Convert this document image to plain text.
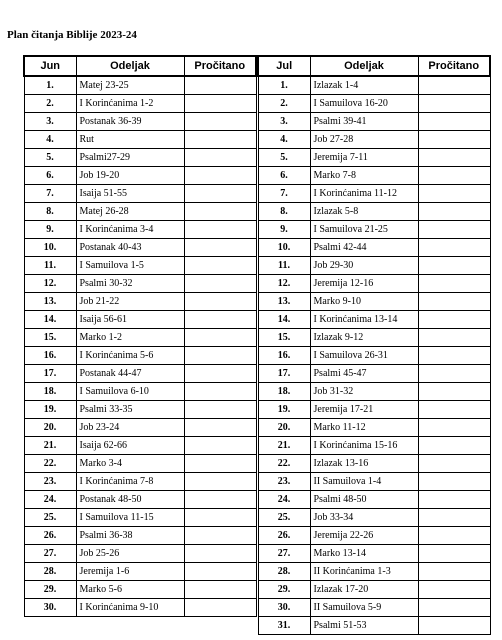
Plan čitanja Biblije 2023-24
Jun	Odeljak	Pročitano
1.	Matej 23-25	
2.	I Korinćanima 1-2	
3.	Postanak 36-39	
4.	Rut	
5.	Psalmi27-29	
6.	Job 19-20	
7.	Isaija 51-55	
8.	Matej 26-28	
9.	I Korinćanima 3-4	
10.	Postanak 40-43	
11.	I Samuilova 1-5	
12.	Psalmi 30-32	
13.	Job 21-22	
14.	Isaija 56-61	
15.	Marko 1-2	
16.	I Korinćanima 5-6	
17.	Postanak 44-47	
18.	I Samuilova 6-10	
19.	Psalmi 33-35	
20.	Job 23-24	
21.	Isaija 62-66	
22.	Marko 3-4	
23.	I Korinćanima 7-8	
24.	Postanak 48-50	
25.	I Samuilova 11-15	
26.	Psalmi 36-38	
27.	Job 25-26	
28.	Jeremija 1-6	
29.	Marko 5-6	
30.	I Korinćanima 9-10	
Jul	Odeljak	Pročitano
1.	Izlazak 1-4	
2.	I Samuilova 16-20	
3.	Psalmi 39-41	
4.	Job 27-28	
5.	Jeremija 7-11	
6.	Marko 7-8	
7.	I Korinćanima 11-12	
8.	Izlazak 5-8	
9.	I Samuilova 21-25	
10.	Psalmi 42-44	
11.	Job 29-30	
12.	Jeremija 12-16	
13.	Marko 9-10	
14.	I Korinćanima 13-14	
15.	Izlazak 9-12	
16.	I Samuilova 26-31	
17.	Psalmi 45-47	
18.	Job 31-32	
19.	Jeremija 17-21	
20.	Marko 11-12	
21.	I Korinćanima 15-16	
22.	Izlazak 13-16	
23.	II Samuilova 1-4	
24.	Psalmi 48-50	
25.	Job 33-34	
26.	Jeremija 22-26	
27.	Marko 13-14	
28.	II Korinćanima 1-3	
29.	Izlazak 17-20	
30.	II Samuilova 5-9	
31.	Psalmi 51-53	
